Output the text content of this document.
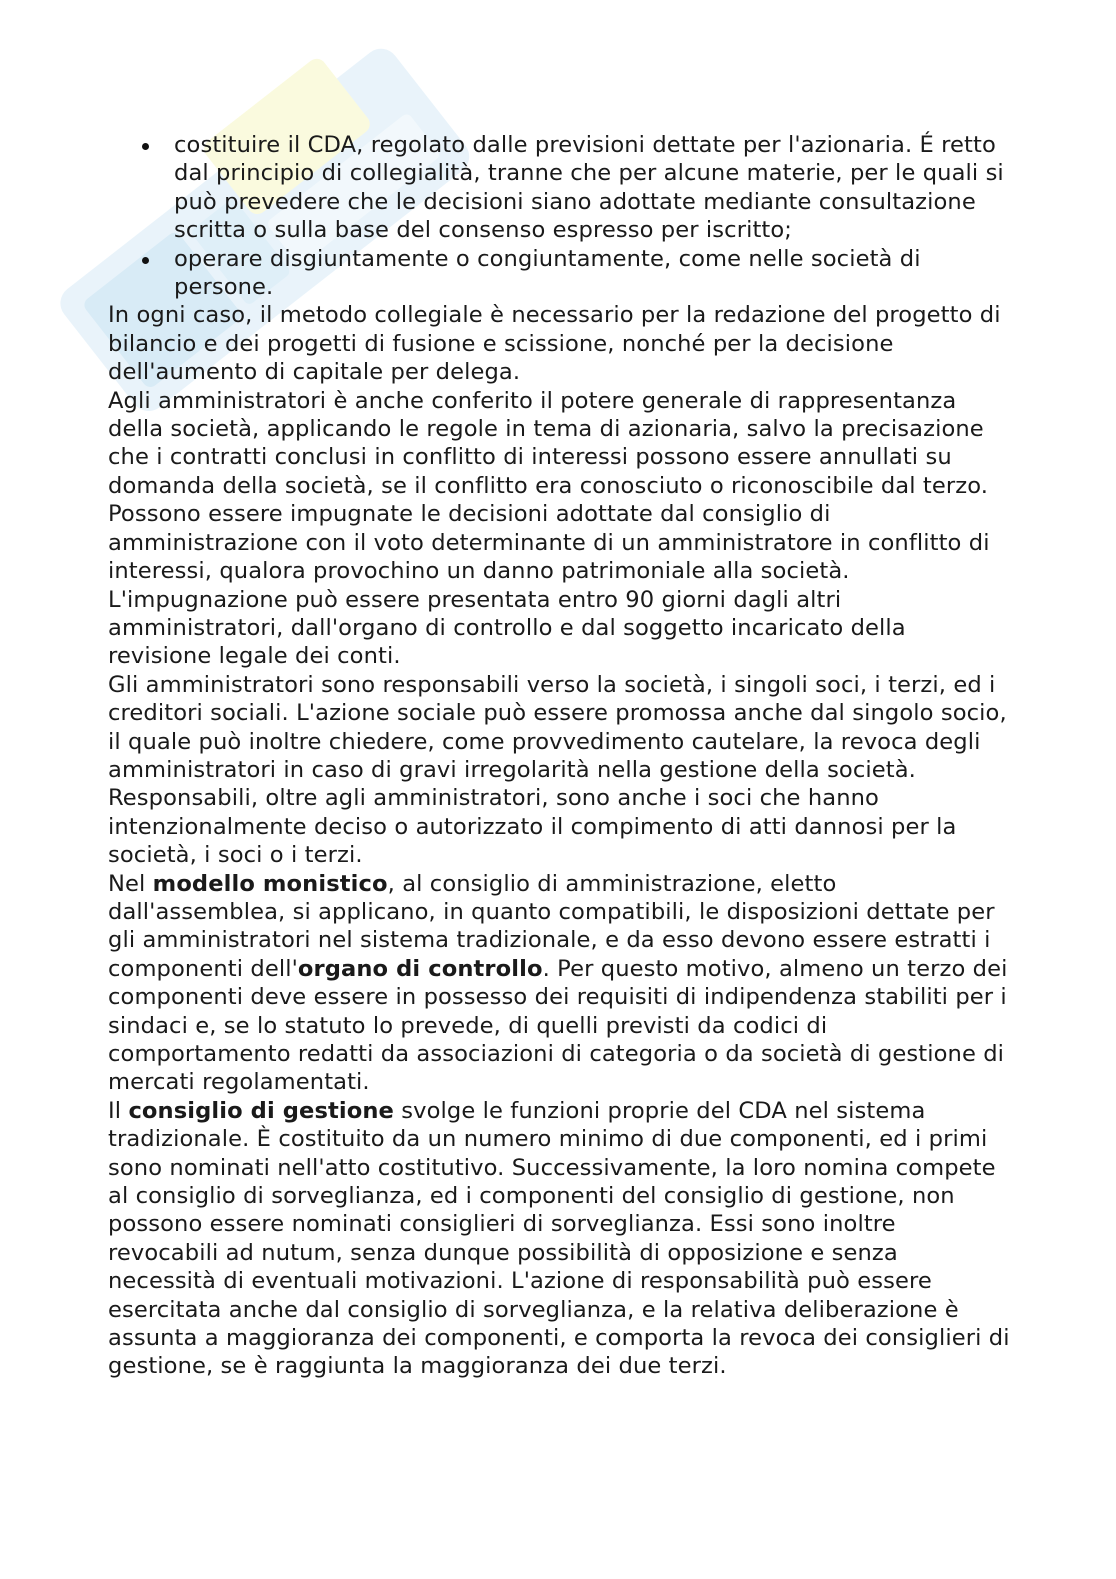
costituire il CDA, regolato dalle previsioni dettate per l'azionaria. É retto dal principio di collegialità, tranne che per alcune materie, per le quali si può prevedere che le decisioni siano adottate mediante consultazione scritta o sulla base del consenso espresso per iscritto;
operare disgiuntamente o congiuntamente, come nelle società di persone.

In ogni caso, il metodo collegiale è necessario per la redazione del progetto di bilancio e dei progetti di fusione e scissione, nonché per la decisione dell'aumento di capitale per delega.

Agli amministratori è anche conferito il potere generale di rappresentanza della società, applicando le regole in tema di azionaria, salvo la precisazione che i contratti conclusi in conflitto di interessi possono essere annullati su domanda della società, se il conflitto era conosciuto o riconoscibile dal terzo.

Possono essere impugnate le decisioni adottate dal consiglio di amministrazione con il voto determinante di un amministratore in conflitto di interessi, qualora provochino un danno patrimoniale alla società. L'impugnazione può essere presentata entro 90 giorni dagli altri amministratori, dall'organo di controllo e dal soggetto incaricato della revisione legale dei conti.

Gli amministratori sono responsabili verso la società, i singoli soci, i terzi, ed i creditori sociali. L'azione sociale può essere promossa anche dal singolo socio, il quale può inoltre chiedere, come provvedimento cautelare, la revoca degli amministratori in caso di gravi irregolarità nella gestione della società. Responsabili, oltre agli amministratori, sono anche i soci che hanno intenzionalmente deciso o autorizzato il compimento di atti dannosi per la società, i soci o i terzi.

Nel modello monistico, al consiglio di amministrazione, eletto dall'assemblea, si applicano, in quanto compatibili, le disposizioni dettate per gli amministratori nel sistema tradizionale, e da esso devono essere estratti i componenti dell'organo di controllo. Per questo motivo, almeno un terzo dei componenti deve essere in possesso dei requisiti di indipendenza stabiliti per i sindaci e, se lo statuto lo prevede, di quelli previsti da codici di comportamento redatti da associazioni di categoria o da società di gestione di mercati regolamentati.

Il consiglio di gestione svolge le funzioni proprie del CDA nel sistema tradizionale. È costituito da un numero minimo di due componenti, ed i primi sono nominati nell'atto costitutivo. Successivamente, la loro nomina compete al consiglio di sorveglianza, ed i componenti del consiglio di gestione, non possono essere nominati consiglieri di sorveglianza. Essi sono inoltre revocabili ad nutum, senza dunque possibilità di opposizione e senza necessità di eventuali motivazioni. L'azione di responsabilità può essere esercitata anche dal consiglio di sorveglianza, e la relativa deliberazione è assunta a maggioranza dei componenti, e comporta la revoca dei consiglieri di gestione, se è raggiunta la maggioranza dei due terzi.
